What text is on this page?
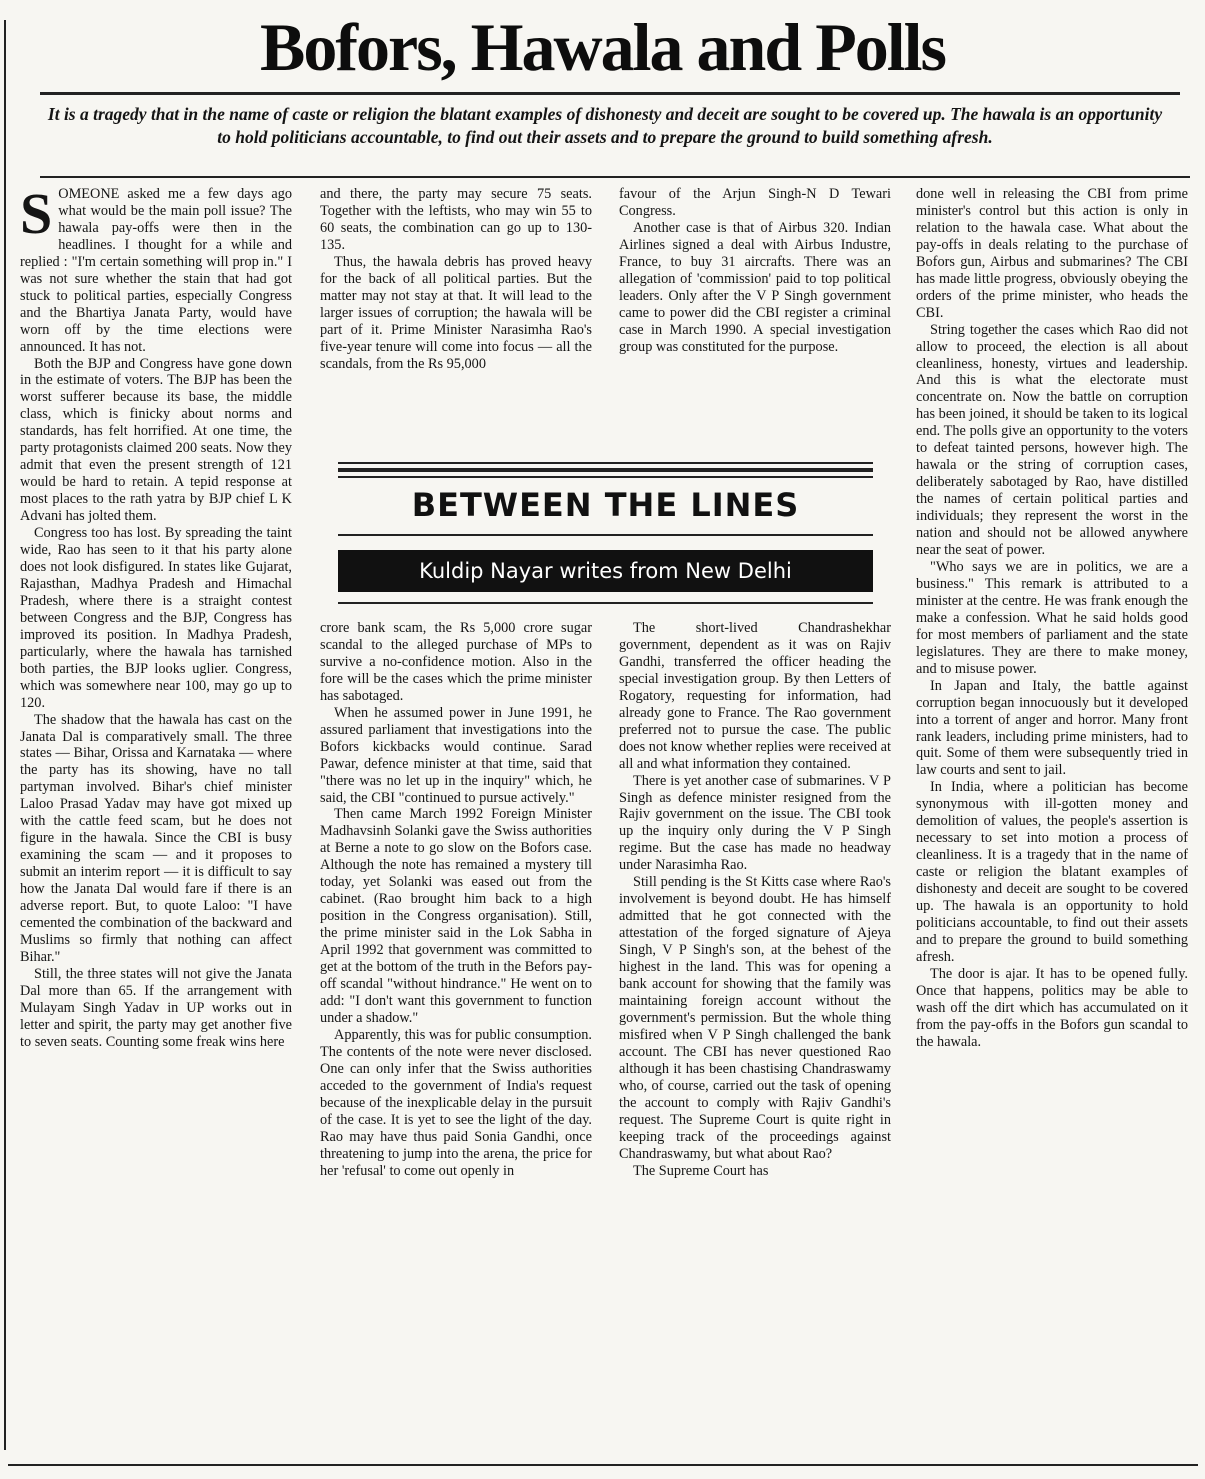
Bofors, Hawala and Polls

It is a tragedy that in the name of caste or religion the blatant examples of dishonesty and deceit are sought to be covered up. The hawala is an opportunity to hold politicians accountable, to find out their assets and to prepare the ground to build something afresh.

SOMEONE asked me a few days ago what would be the main poll issue? The hawala pay-offs were then in the headlines. I thought for a while and replied : "I'm certain something will prop in." I was not sure whether the stain that had got stuck to political parties, especially Congress and the Bhartiya Janata Party, would have worn off by the time elections were announced. It has not.

Both the BJP and Congress have gone down in the estimate of voters. The BJP has been the worst sufferer because its base, the middle class, which is finicky about norms and standards, has felt horrified. At one time, the party protagonists claimed 200 seats. Now they admit that even the present strength of 121 would be hard to retain. A tepid response at most places to the rath yatra by BJP chief L K Advani has jolted them.

Congress too has lost. By spreading the taint wide, Rao has seen to it that his party alone does not look disfigured. In states like Gujarat, Rajasthan, Madhya Pradesh and Himachal Pradesh, where there is a straight contest between Congress and the BJP, Congress has improved its position. In Madhya Pradesh, particularly, where the hawala has tarnished both parties, the BJP looks uglier. Congress, which was somewhere near 100, may go up to 120.

The shadow that the hawala has cast on the Janata Dal is comparatively small. The three states — Bihar, Orissa and Karnataka — where the party has its showing, have no tall partyman involved. Bihar's chief minister Laloo Prasad Yadav may have got mixed up with the cattle feed scam, but he does not figure in the hawala. Since the CBI is busy examining the scam — and it proposes to submit an interim report — it is difficult to say how the Janata Dal would fare if there is an adverse report. But, to quote Laloo: "I have cemented the combination of the backward and Muslims so firmly that nothing can affect Bihar."

Still, the three states will not give the Janata Dal more than 65. If the arrangement with Mulayam Singh Yadav in UP works out in letter and spirit, the party may get another five to seven seats. Counting some freak wins here

and there, the party may secure 75 seats. Together with the leftists, who may win 55 to 60 seats, the combination can go up to 130-135.

Thus, the hawala debris has proved heavy for the back of all political parties. But the matter may not stay at that. It will lead to the larger issues of corruption; the hawala will be part of it. Prime Minister Narasimha Rao's five-year tenure will come into focus — all the scandals, from the Rs 95,000

favour of the Arjun Singh-N D Tewari Congress.

Another case is that of Airbus 320. Indian Airlines signed a deal with Airbus Industre, France, to buy 31 aircrafts. There was an allegation of 'commission' paid to top political leaders. Only after the V P Singh government came to power did the CBI register a criminal case in March 1990. A special investigation group was constituted for the purpose.

BETWEEN THE LINES
Kuldip Nayar writes from New Delhi

crore bank scam, the Rs 5,000 crore sugar scandal to the alleged purchase of MPs to survive a no-confidence motion. Also in the fore will be the cases which the prime minister has sabotaged.

When he assumed power in June 1991, he assured parliament that investigations into the Bofors kickbacks would continue. Sarad Pawar, defence minister at that time, said that "there was no let up in the inquiry" which, he said, the CBI "continued to pursue actively."

Then came March 1992 Foreign Minister Madhavsinh Solanki gave the Swiss authorities at Berne a note to go slow on the Bofors case. Although the note has remained a mystery till today, yet Solanki was eased out from the cabinet. (Rao brought him back to a high position in the Congress organisation). Still, the prime minister said in the Lok Sabha in April 1992 that government was committed to get at the bottom of the truth in the Befors pay-off scandal "without hindrance." He went on to add: "I don't want this government to function under a shadow."

Apparently, this was for public consumption. The contents of the note were never disclosed. One can only infer that the Swiss authorities acceded to the government of India's request because of the inexplicable delay in the pursuit of the case. It is yet to see the light of the day. Rao may have thus paid Sonia Gandhi, once threatening to jump into the arena, the price for her 'refusal' to come out openly in

The short-lived Chandrashekhar government, dependent as it was on Rajiv Gandhi, transferred the officer heading the special investigation group. By then Letters of Rogatory, requesting for information, had already gone to France. The Rao government preferred not to pursue the case. The public does not know whether replies were received at all and what information they contained.

There is yet another case of submarines. V P Singh as defence minister resigned from the Rajiv government on the issue. The CBI took up the inquiry only during the V P Singh regime. But the case has made no headway under Narasimha Rao.

Still pending is the St Kitts case where Rao's involvement is beyond doubt. He has himself admitted that he got connected with the attestation of the forged signature of Ajeya Singh, V P Singh's son, at the behest of the highest in the land. This was for opening a bank account for showing that the family was maintaining foreign account without the government's permission. But the whole thing misfired when V P Singh challenged the bank account. The CBI has never questioned Rao although it has been chastising Chandraswamy who, of course, carried out the task of opening the account to comply with Rajiv Gandhi's request. The Supreme Court is quite right in keeping track of the proceedings against Chandraswamy, but what about Rao?

The Supreme Court has

done well in releasing the CBI from prime minister's control but this action is only in relation to the hawala case. What about the pay-offs in deals relating to the purchase of Bofors gun, Airbus and submarines? The CBI has made little progress, obviously obeying the orders of the prime minister, who heads the CBI.

String together the cases which Rao did not allow to proceed, the election is all about cleanliness, honesty, virtues and leadership. And this is what the electorate must concentrate on. Now the battle on corruption has been joined, it should be taken to its logical end. The polls give an opportunity to the voters to defeat tainted persons, however high. The hawala or the string of corruption cases, deliberately sabotaged by Rao, have distilled the names of certain political parties and individuals; they represent the worst in the nation and should not be allowed anywhere near the seat of power.

"Who says we are in politics, we are a business." This remark is attributed to a minister at the centre. He was frank enough the make a confession. What he said holds good for most members of parliament and the state legislatures. They are there to make money, and to misuse power.

In Japan and Italy, the battle against corruption began innocuously but it developed into a torrent of anger and horror. Many front rank leaders, including prime ministers, had to quit. Some of them were subsequently tried in law courts and sent to jail.

In India, where a politician has become synonymous with ill-gotten money and demolition of values, the people's assertion is necessary to set into motion a process of cleanliness. It is a tragedy that in the name of caste or religion the blatant examples of dishonesty and deceit are sought to be covered up. The hawala is an opportunity to hold politicians accountable, to find out their assets and to prepare the ground to build something afresh.

The door is ajar. It has to be opened fully. Once that happens, politics may be able to wash off the dirt which has accumulated on it from the pay-offs in the Bofors gun scandal to the hawala.
